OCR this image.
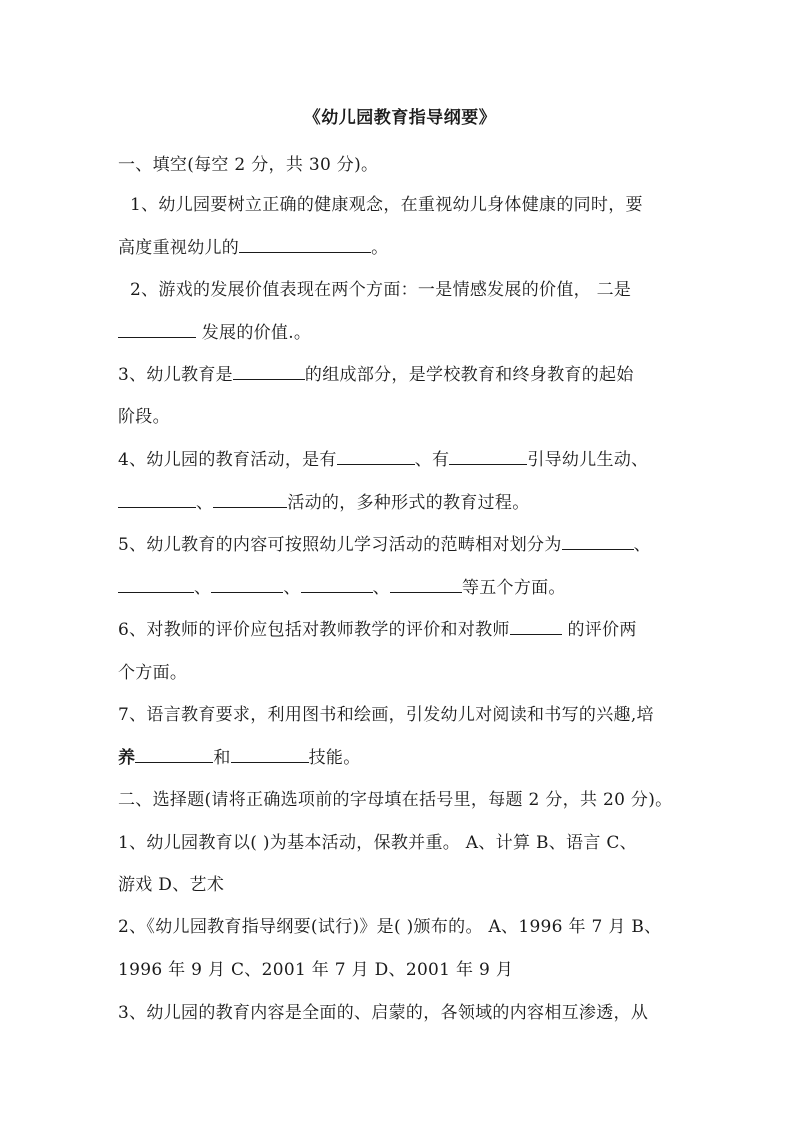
《幼儿园教育指导纲要》
一、填空(每空 2 分，共 30 分)。
1、幼儿园要树立正确的健康观念，在重视幼儿身体健康的同时，要
高度重视幼儿的	。
2、游戏的发展价值表现在两个方面：一是情感发展的价值， 二是
发展的价值.。
3、幼儿教育是	的组成部分，是学校教育和终身教育的起始
阶段。
4、幼儿园的教育活动，是有	、有	引导幼儿生动、
、	活动的，多种形式的教育过程。
5、幼儿教育的内容可按照幼儿学习活动的范畴相对划分为	、
、	、	、	等五个方面。
6、对教师的评价应包括对教师教学的评价和对教师	的评价两
个方面。
7、语言教育要求，利用图书和绘画，引发幼儿对阅读和书写的兴趣,培
养	和	技能。
二、选择题(请将正确选项前的字母填在括号里，每题 2 分，共 20 分)。
1、幼儿园教育以( )为基本活动，保教并重。 A、计算 B、语言 C、
游戏 D、艺术
2、《幼儿园教育指导纲要(试行)》是( )颁布的。 A、1996 年 7 月 B、
1996 年 9 月 C、2001 年 7 月 D、2001 年 9 月
3、幼儿园的教育内容是全面的、启蒙的，各领域的内容相互渗透，从
